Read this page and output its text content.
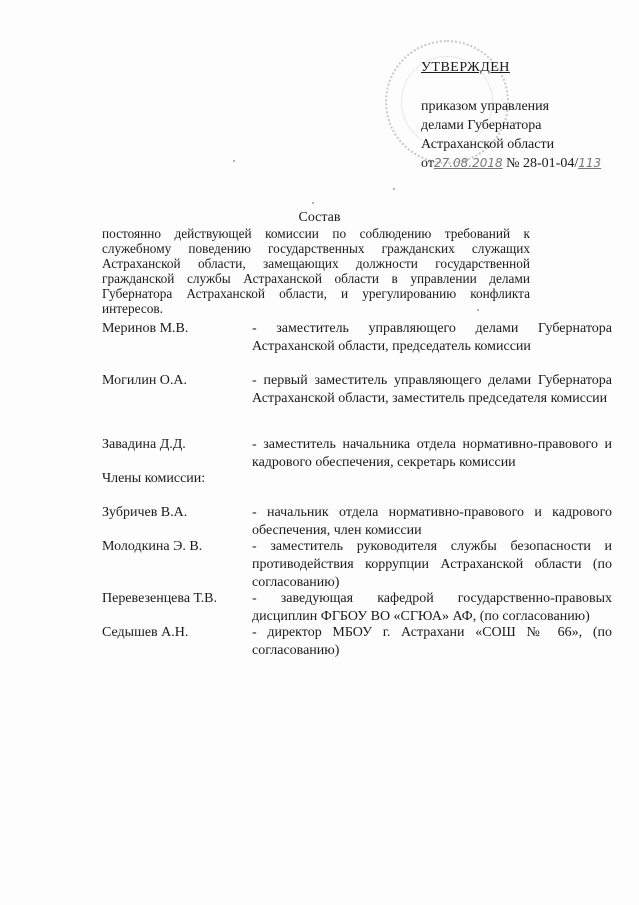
УТВЕРЖДЕН
приказом управления
делами Губернатора
Астраханской области
от27.08.2018 № 28-01-04/113
Состав
постоянно действующей комиссии по соблюдению требований к служебному поведению государственных гражданских служащих Астраханской области, замещающих должности государственной гражданской службы Астраханской области в управлении делами Губернатора Астраханской области, и урегулированию конфликта интересов.
Меринов М.В.	- заместитель управляющего делами Губернатора Астраханской области, председатель комиссии
Могилин О.А.	- первый заместитель управляющего делами Губернатора Астраханской области, заместитель председателя комиссии
Завадина Д.Д.	- заместитель начальника отдела нормативно-правового и кадрового обеспечения, секретарь комиссии
Члены комиссии:
Зубричев В.А.	- начальник отдела нормативно-правового и кадрового обеспечения, член комиссии
Молодкина Э. В.	- заместитель руководителя службы безопасности и противодействия коррупции Астраханской области (по согласованию)
Перевезенцева Т.В. - заведующая кафедрой государственно-правовых дисциплин ФГБОУ ВО «СГЮА» АФ, (по согласованию)
Седышев А.Н.	- директор МБОУ г. Астрахани «СОШ № 66», (по согласованию)
